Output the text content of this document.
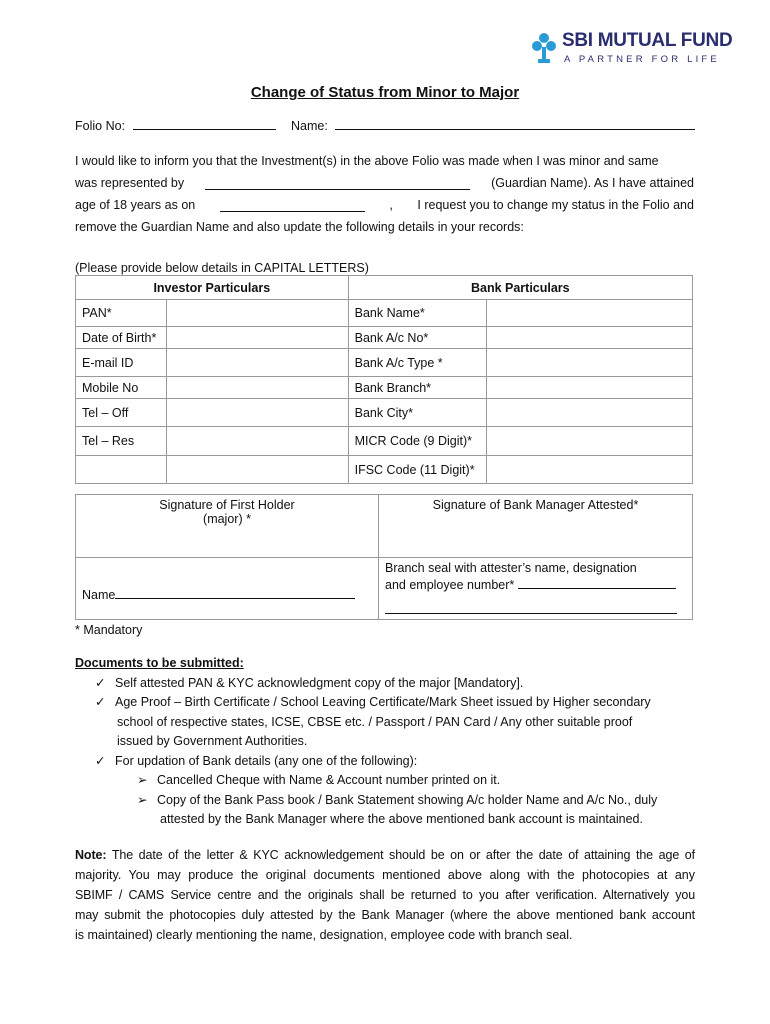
SBI MUTUAL FUND
A PARTNER FOR LIFE
Change of Status from Minor to Major
Folio No:	Name:
I would like to inform you that the Investment(s) in the above Folio was made when I was minor and same
was represented by	(Guardian Name). As I have attained
age of 18 years as on	, I request you to change my status in the Folio and
remove the Guardian Name and also update the following details in your records:
(Please provide below details in CAPITAL LETTERS)
Investor Particulars		Bank Particulars	
PAN*		Bank Name*	
Date of Birth*		Bank A/c No*	
E-mail ID		Bank A/c Type *	
Mobile No		Bank Branch*	
Tel – Off		Bank City*	
Tel – Res		MICR Code (9 Digit)*	
		IFSC Code (11 Digit)*	
Signature of First Holder
(major) *	Signature of Bank Manager Attested*
Name	Branch seal with attester’s name, designation
and employee number*
* Mandatory
Documents to be submitted:
✓ Self attested PAN & KYC acknowledgment copy of the major [Mandatory].
✓ Age Proof – Birth Certificate / School Leaving Certificate/Mark Sheet issued by Higher secondary
school of respective states, ICSE, CBSE etc. / Passport / PAN Card / Any other suitable proof
issued by Government Authorities.
✓ For updation of Bank details (any one of the following):
➢ Cancelled Cheque with Name & Account number printed on it.
➢ Copy of the Bank Pass book / Bank Statement showing A/c holder Name and A/c No., duly
attested by the Bank Manager where the above mentioned bank account is maintained.
Note: The date of the letter & KYC acknowledgement should be on or after the date of attaining the age of
majority. You may produce the original documents mentioned above along with the photocopies at any
SBIMF / CAMS Service centre and the originals shall be returned to you after verification. Alternatively you
may submit the photocopies duly attested by the Bank Manager (where the above mentioned bank account
is maintained) clearly mentioning the name, designation, employee code with branch seal.
